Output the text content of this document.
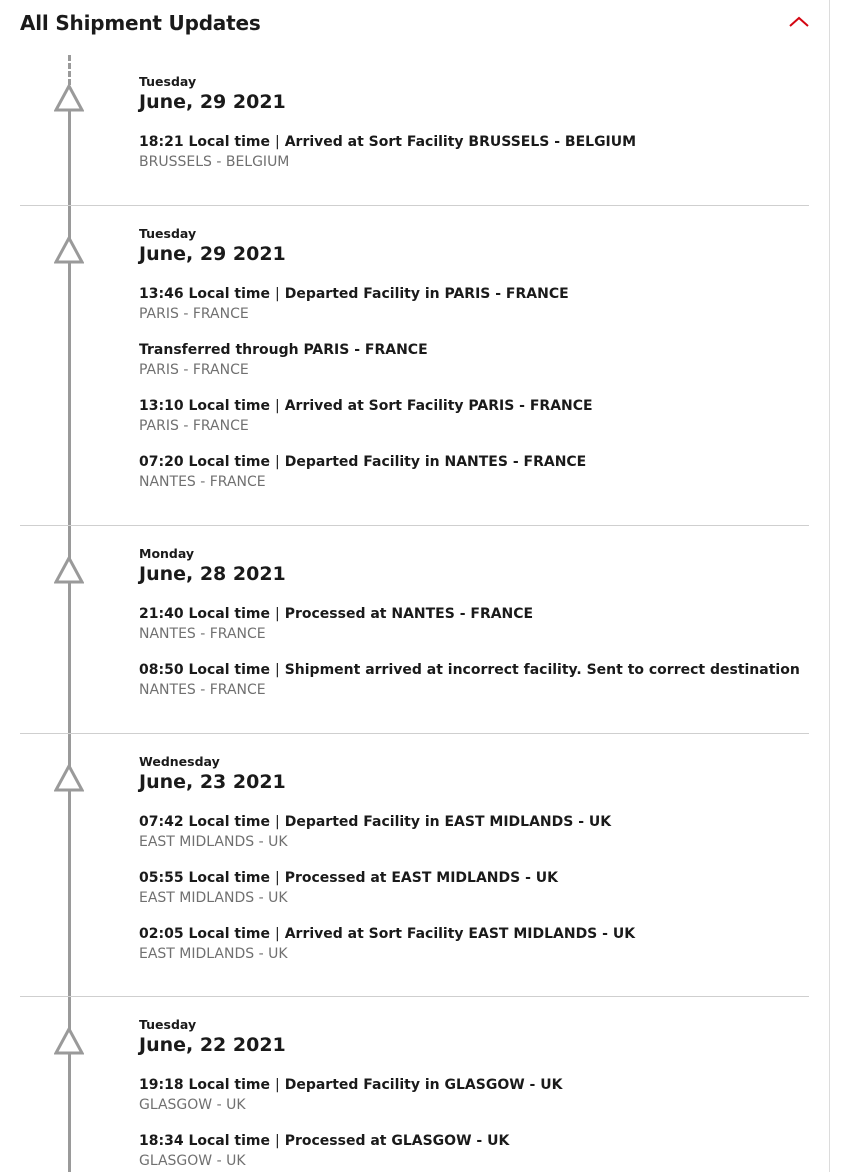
All Shipment Updates

Tuesday

June, 29 2021

18:21 Local time | Arrived at Sort Facility BRUSSELS - BELGIUM
BRUSSELS - BELGIUM

Tuesday

June, 29 2021

13:46 Local time | Departed Facility in PARIS - FRANCE
PARIS - FRANCE
Transferred through PARIS - FRANCE
PARIS - FRANCE
13:10 Local time | Arrived at Sort Facility PARIS - FRANCE
PARIS - FRANCE
07:20 Local time | Departed Facility in NANTES - FRANCE
NANTES - FRANCE

Monday

June, 28 2021

21:40 Local time | Processed at NANTES - FRANCE
NANTES - FRANCE
08:50 Local time | Shipment arrived at incorrect facility. Sent to correct destination
NANTES - FRANCE

Wednesday

June, 23 2021

07:42 Local time | Departed Facility in EAST MIDLANDS - UK
EAST MIDLANDS - UK
05:55 Local time | Processed at EAST MIDLANDS - UK
EAST MIDLANDS - UK
02:05 Local time | Arrived at Sort Facility EAST MIDLANDS - UK
EAST MIDLANDS - UK

Tuesday

June, 22 2021

19:18 Local time | Departed Facility in GLASGOW - UK
GLASGOW - UK
18:34 Local time | Processed at GLASGOW - UK
GLASGOW - UK
